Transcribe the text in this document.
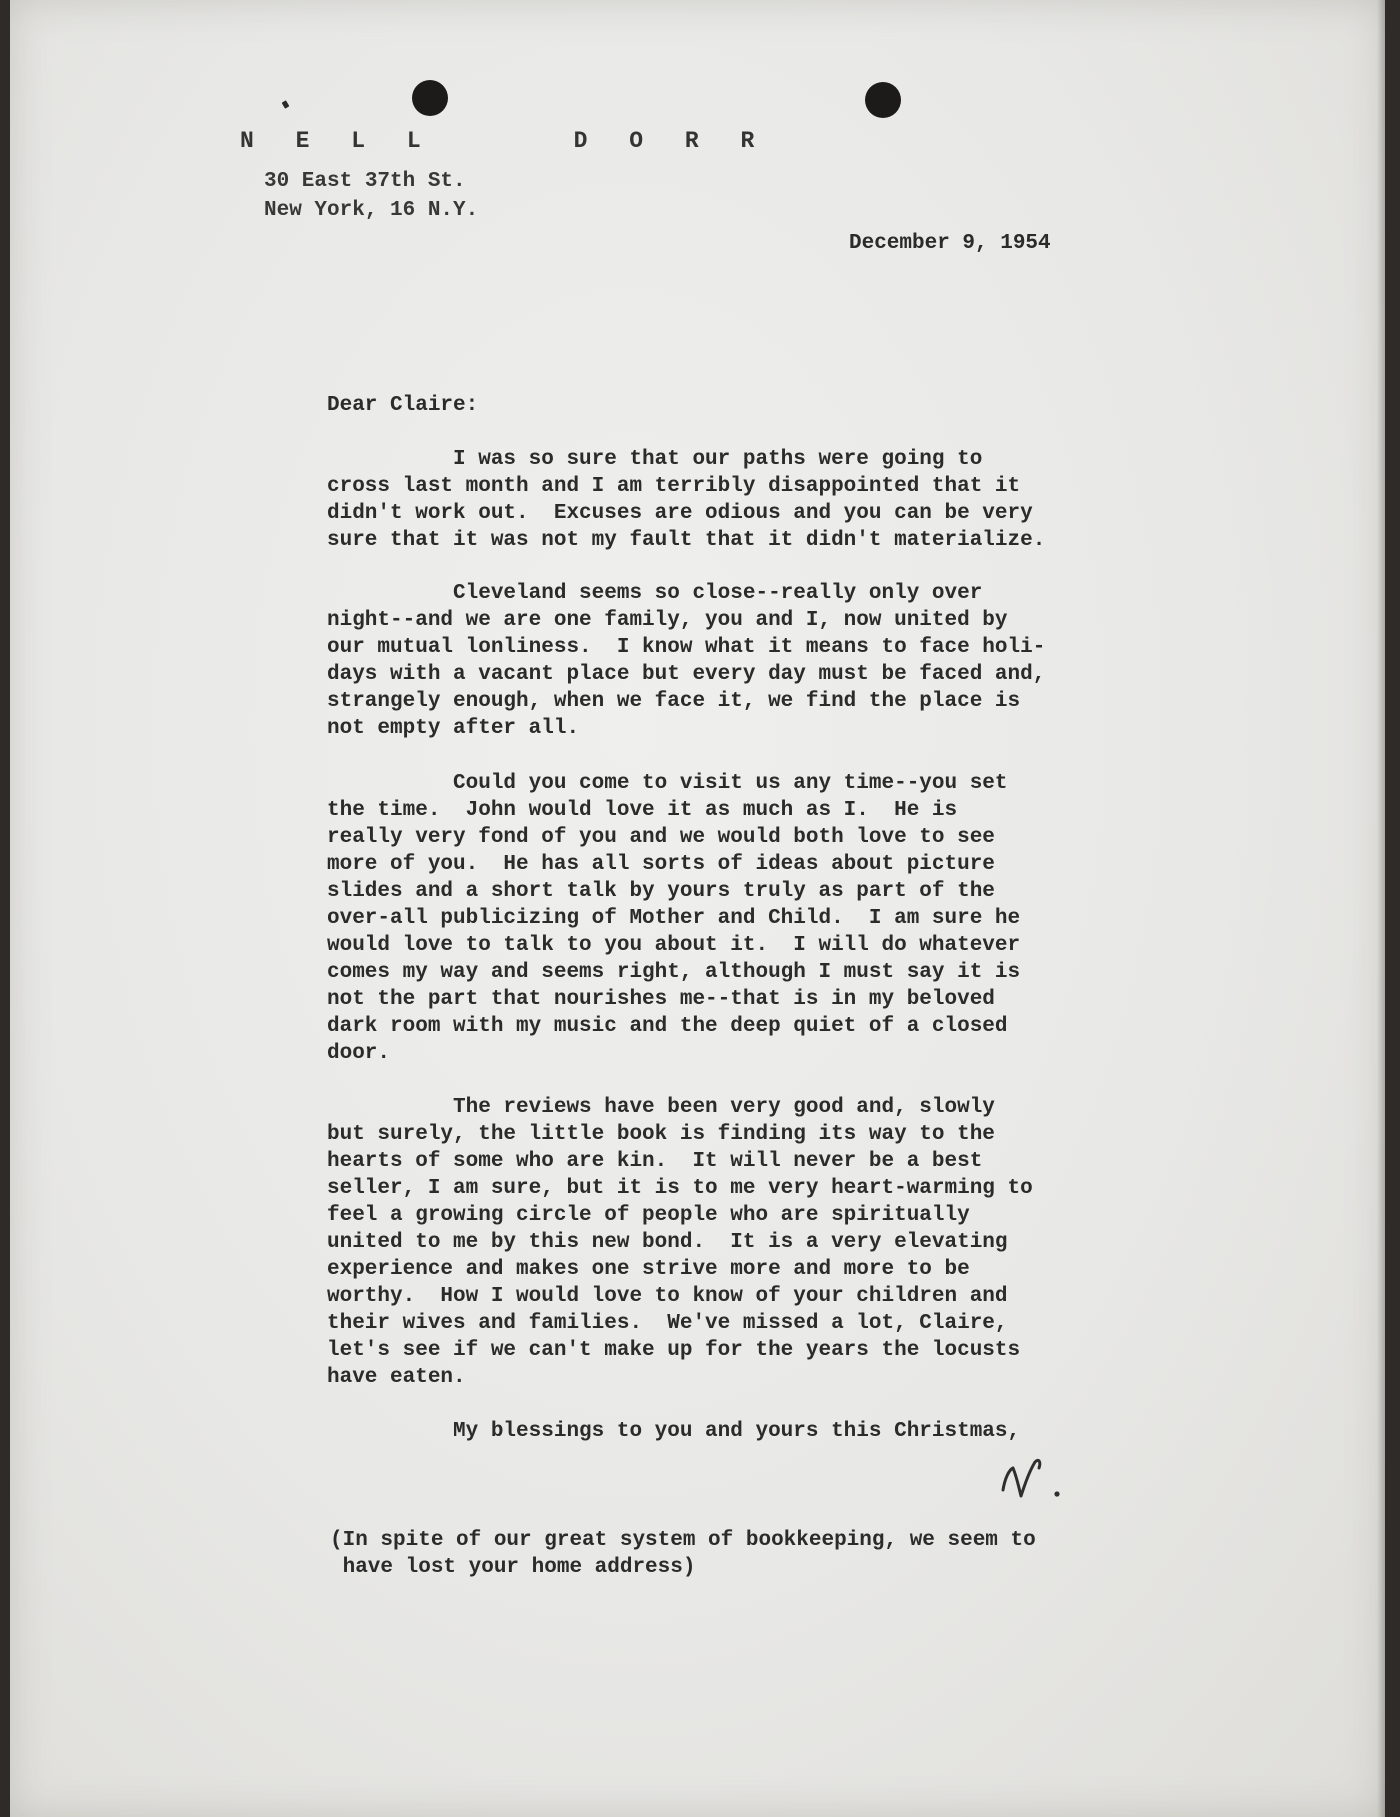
N E L L     D O R R
30 East 37th St.
New York, 16 N.Y.
December 9, 1954
Dear Claire:
I was so sure that our paths were going to
cross last month and I am terribly disappointed that it
didn't work out.  Excuses are odious and you can be very
sure that it was not my fault that it didn't materialize.
Cleveland seems so close--really only over
night--and we are one family, you and I, now united by
our mutual lonliness.  I know what it means to face holi-
days with a vacant place but every day must be faced and,
strangely enough, when we face it, we find the place is
not empty after all.
Could you come to visit us any time--you set
the time.  John would love it as much as I.  He is
really very fond of you and we would both love to see
more of you.  He has all sorts of ideas about picture
slides and a short talk by yours truly as part of the
over-all publicizing of Mother and Child.  I am sure he
would love to talk to you about it.  I will do whatever
comes my way and seems right, although I must say it is
not the part that nourishes me--that is in my beloved
dark room with my music and the deep quiet of a closed
door.
The reviews have been very good and, slowly
but surely, the little book is finding its way to the
hearts of some who are kin.  It will never be a best
seller, I am sure, but it is to me very heart-warming to
feel a growing circle of people who are spiritually
united to me by this new bond.  It is a very elevating
experience and makes one strive more and more to be
worthy.  How I would love to know of your children and
their wives and families.  We've missed a lot, Claire,
let's see if we can't make up for the years the locusts
have eaten.
My blessings to you and yours this Christmas,
(In spite of our great system of bookkeeping, we seem to
have lost your home address)
